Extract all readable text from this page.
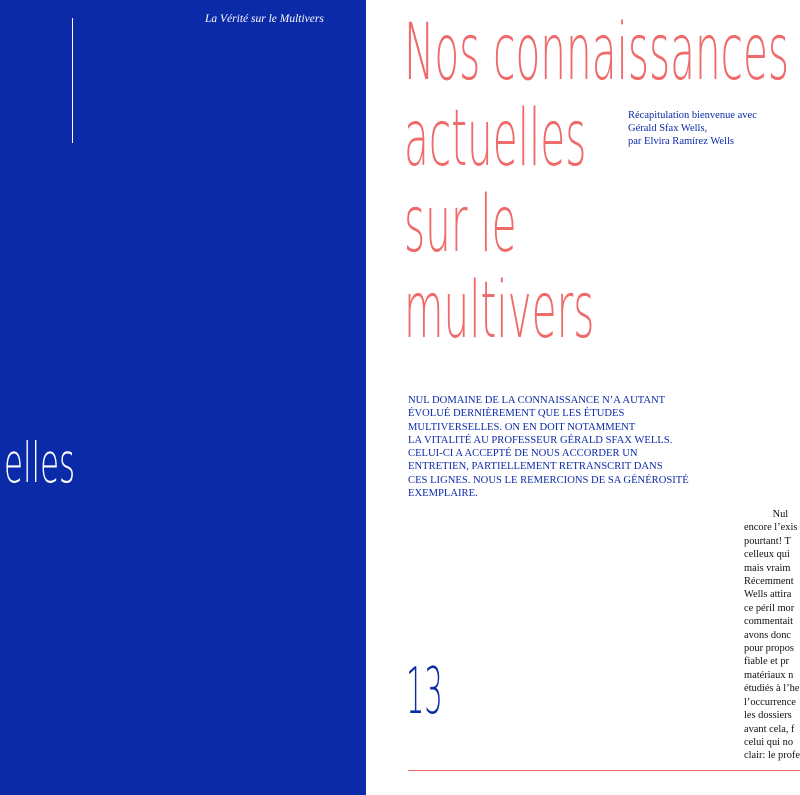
La Vérité sur le Multivers
elles
Nos connaissances
actuelles
sur le
multivers
Récapitulation bienvenue avec
Gérald Sfax Wells,
par Elvira Ramírez Wells
NUL DOMAINE DE LA CONNAISSANCE N’A AUTANT
ÉVOLUÉ DERNIÈREMENT QUE LES ÉTUDES
MULTIVERSELLES. ON EN DOIT NOTAMMENT
LA VITALITÉ AU PROFESSEUR GÉRALD SFAX WELLS.
CELUI-CI A ACCEPTÉ DE NOUS ACCORDER UN
ENTRETIEN, PARTIELLEMENT RETRANSCRIT DANS
CES LIGNES. NOUS LE REMERCIONS DE SA GÉNÉROSITÉ
EXEMPLAIRE.
Nul
encore l’exis
pourtant! T
celleux qui
mais vraim
Récemment
Wells attira
ce péril mor
commentait
avons donc
pour propos
fiable et pr
matériaux n
étudiés à l’he
l’occurrence
les dossiers
avant cela, f
celui qui no
clair: le profe
13
